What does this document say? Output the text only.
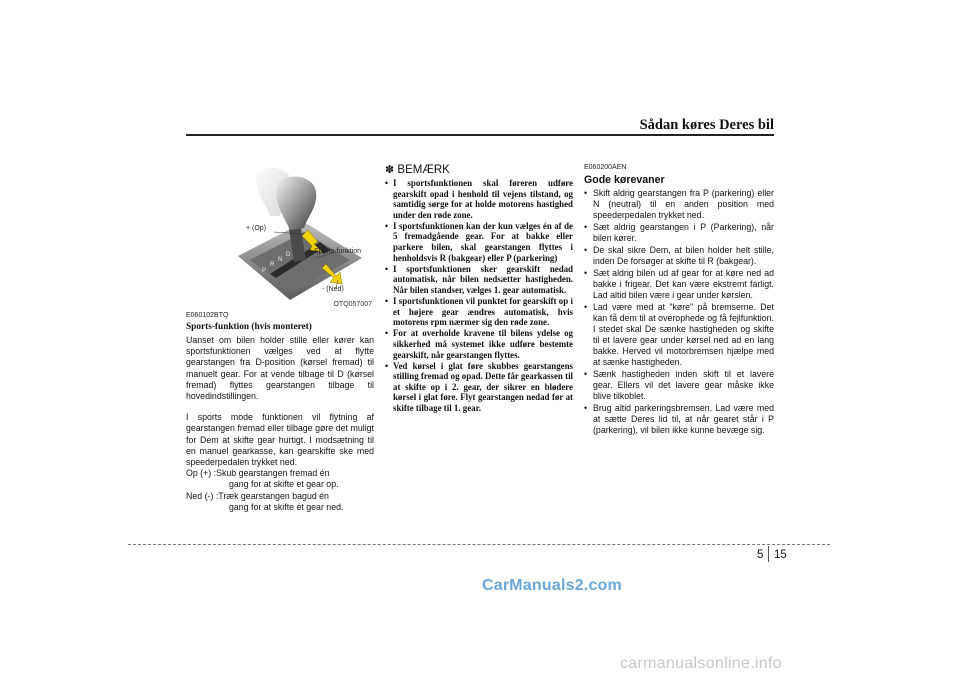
Sådan køres Deres bil
P
R
N
D
+ (Op)
Sports-funktion
- (Ned)
OTQ057007
E060102BTQ
Sports-funktion (hvis monteret)

Uanset om bilen holder stille eller kører kan sportsfunktionen vælges ved at flytte gearstangen fra D-position (kørsel fremad) til manuelt gear. For at vende tilbage til D (kørsel fremad) flyttes gearstangen tilbage til hovedindstillingen.

I sports mode funktionen vil flytning af gearstangen fremad eller tilbage gøre det muligt for Dem at skifte gear hurtigt. I modsætning til en manuel gearkasse, kan gearskifte ske med speederpedalen trykket ned.

Op (+) : Skub gearstangen fremad én
gang for at skifte et gear op.
Ned (-) : Træk gearstangen bagud én
gang for at skifte ét gear ned.
✽ BEMÆRK
• I sportsfunktionen skal føreren udføre gearskift opad i henhold til vejens tilstand, og samtidig sørge for at holde motorens hastighed under den røde zone.
• I sportsfunktionen kan der kun vælges én af de 5 fremadgående gear. For at bakke eller parkere bilen, skal gearstangen flyttes i henholdsvis R (bakgear) eller P (parkering)
• I sportsfunktionen sker gearskift nedad automatisk, når bilen nedsætter hastigheden. Når bilen standser, vælges 1. gear automatisk.
• I sportsfunktionen vil punktet for gearskift op i et højere gear ændres automatisk, hvis motorens rpm nærmer sig den røde zone.
• For at overholde kravene til bilens ydelse og sikkerhed må systemet ikke udføre bestemte gearskift, når gearstangen flyttes.
• Ved kørsel i glat føre skubbes gearstangens stilling fremad og opad. Dette får gearkassen til at skifte op i 2. gear, der sikrer en blødere kørsel i glat føre. Flyt gearstangen nedad før at skifte tilbage til 1. gear.
E060200AEN
Gode kørevaner
• Skift aldrig gearstangen fra P (parkering) eller N (neutral) til en anden position med speederpedalen trykket ned.
• Sæt aldrig gearstangen i P (Parkering), når bilen kører.
• De skal sikre Dem, at bilen holder helt stille, inden De forsøger at skifte til R (bakgear).
• Sæt aldrig bilen ud af gear for at køre ned ad bakke i frigear. Det kan være ekstremt farligt. Lad altid bilen være i gear under kørslen.
• Lad være med at "køre" på bremserne. Det kan få dem til at overophede og få fejlfunktion. I stedet skal De sænke hastigheden og skifte til et lavere gear under kørsel ned ad en lang bakke. Herved vil motorbremsen hjælpe med at sænke hastigheden.
• Sænk hastigheden inden skift til et lavere gear. Ellers vil det lavere gear måske ikke blive tilkoblet.
• Brug altid parkeringsbremsen. Lad være med at sætte Deres lid til, at når gearet står i P (parkering), vil bilen ikke kunne bevæge sig.
5 15
CarManuals2.com
carmanualsonline.info
